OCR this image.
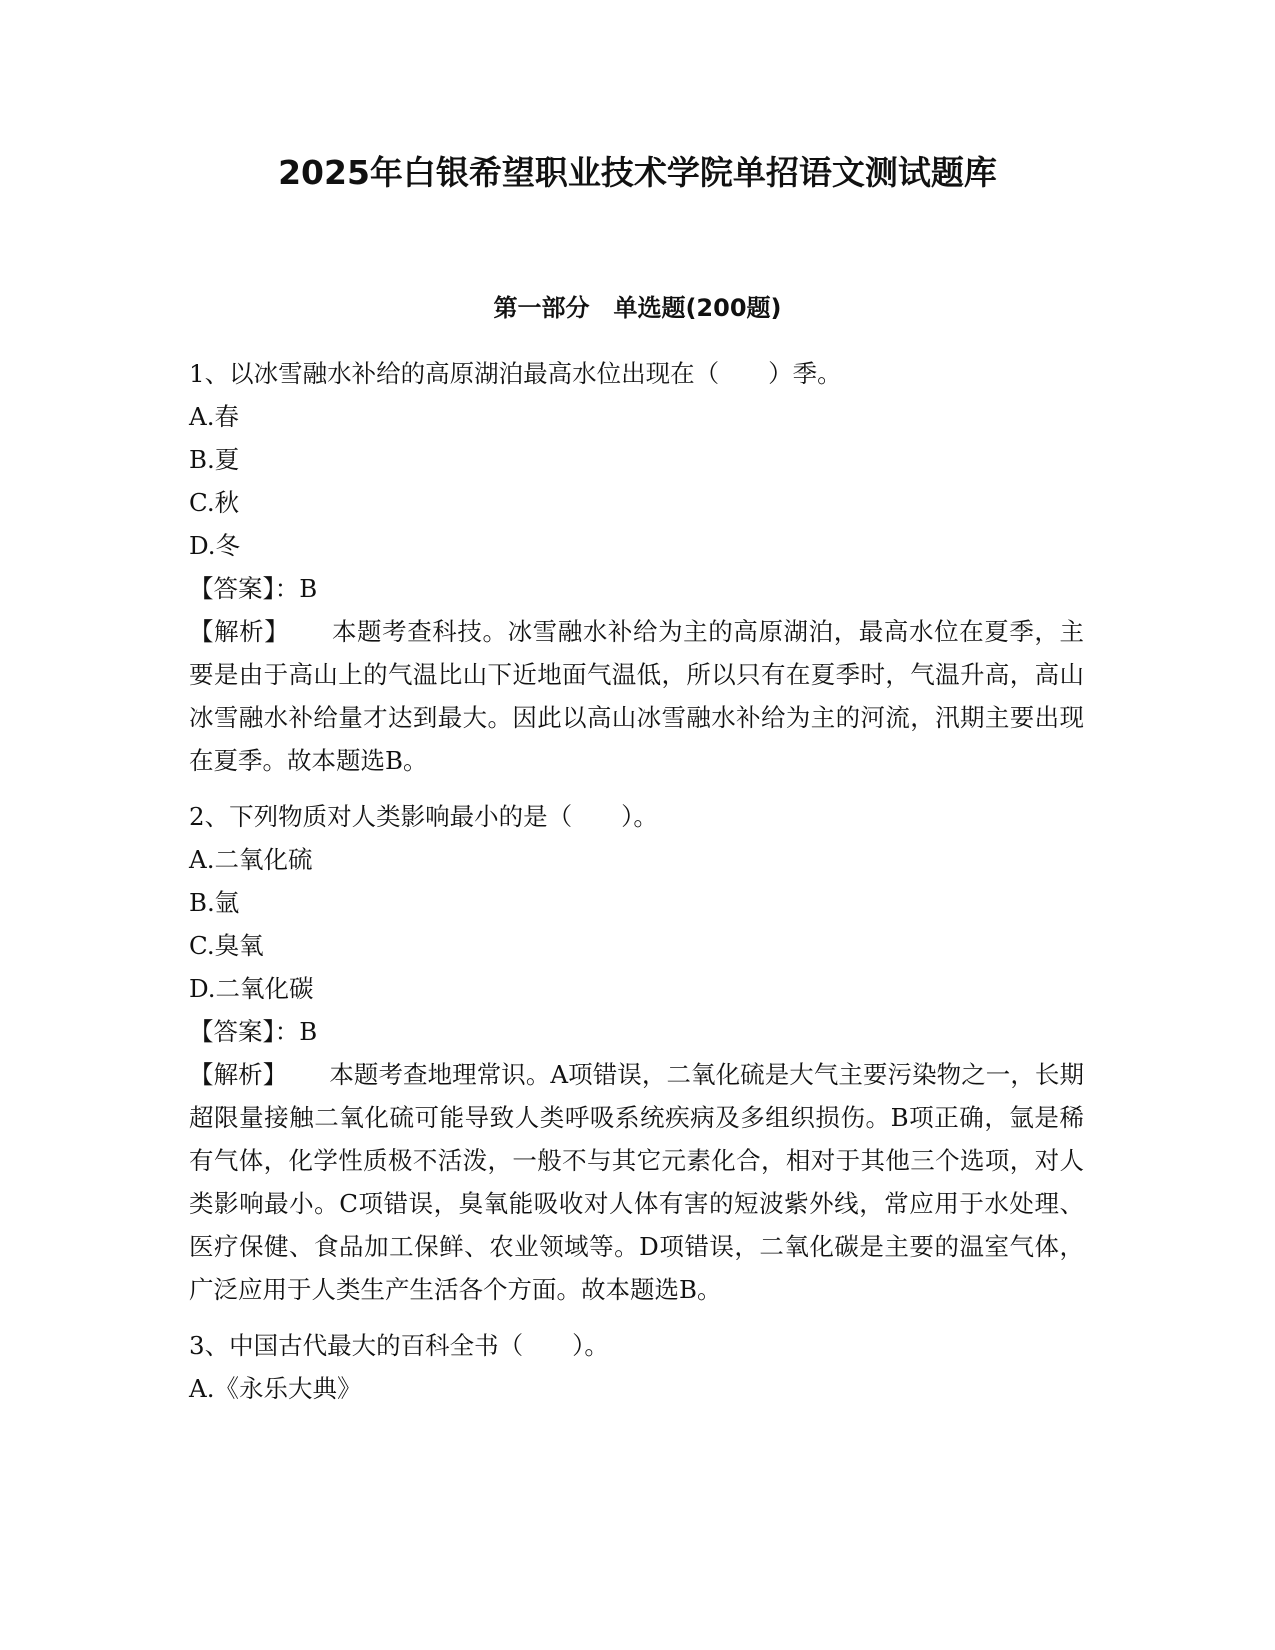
2025年白银希望职业技术学院单招语文测试题库
第一部分　单选题(200题)

1、以冰雪融水补给的高原湖泊最高水位出现在（　　）季。

A.春

B.夏

C.秋

D.冬

【答案】：B

【解析】 本题考查科技。冰雪融水补给为主的高原湖泊，最高水位在夏季，主要是由于高山上的气温比山下近地面气温低，所以只有在夏季时，气温升高，高山冰雪融水补给量才达到最大。因此以高山冰雪融水补给为主的河流，汛期主要出现在夏季。故本题选B。

2、下列物质对人类影响最小的是（　　）。

A.二氧化硫

B.氩

C.臭氧

D.二氧化碳

【答案】：B

【解析】 本题考查地理常识。A项错误，二氧化硫是大气主要污染物之一，长期超限量接触二氧化硫可能导致人类呼吸系统疾病及多组织损伤。B项正确，氩是稀有气体，化学性质极不活泼，一般不与其它元素化合，相对于其他三个选项，对人类影响最小。C项错误，臭氧能吸收对人体有害的短波紫外线，常应用于水处理、医疗保健、食品加工保鲜、农业领域等。D项错误，二氧化碳是主要的温室气体，广泛应用于人类生产生活各个方面。故本题选B。

3、中国古代最大的百科全书（　　）。

A.《永乐大典》
